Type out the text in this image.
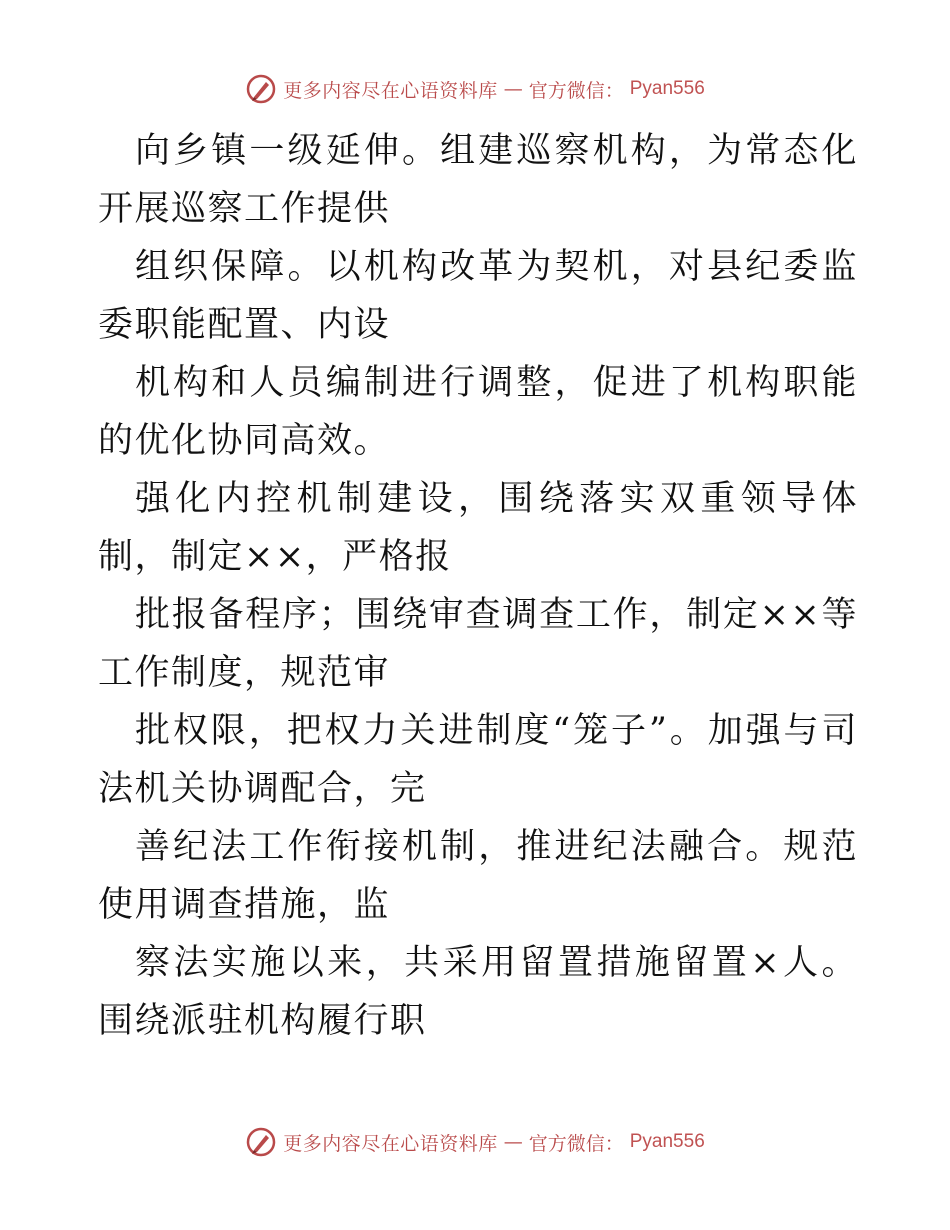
更多内容尽在心语资料库 — 官方微信： Pyan556

向乡镇一级延伸。组建巡察机构，为常态化开展巡察工作提供

组织保障。以机构改革为契机，对县纪委监委职能配置、内设

机构和人员编制进行调整，促进了机构职能的优化协同高效。

强化内控机制建设，围绕落实双重领导体制，制定××，严格报

批报备程序；围绕审查调查工作，制定××等工作制度，规范审

批权限，把权力关进制度“笼子”。加强与司法机关协调配合，完

善纪法工作衔接机制，推进纪法融合。规范使用调查措施，监

察法实施以来，共采用留置措施留置×人。围绕派驻机构履行职

更多内容尽在心语资料库 — 官方微信： Pyan556
